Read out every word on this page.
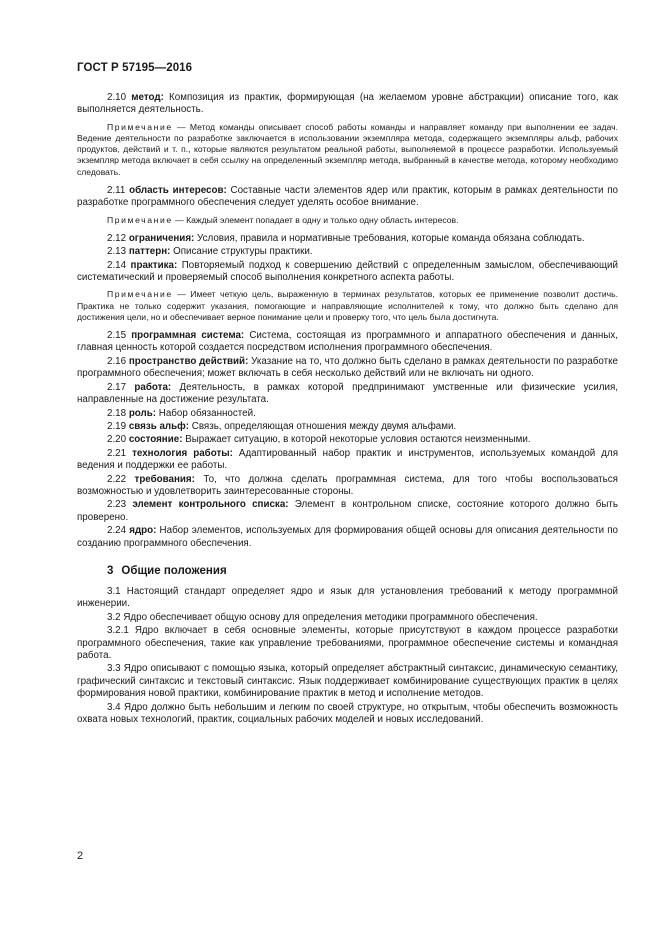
ГОСТ Р 57195—2016

2.10 метод: Композиция из практик, формирующая (на желаемом уровне абстракции) описание того, как выполняется деятельность.

Примечание — Метод команды описывает способ работы команды и направляет команду при выполнении ее задач. Ведение деятельности по разработке заключается в использовании экземпляра метода, содержащего экземпляры альф, рабочих продуктов, действий и т. п., которые являются результатом реальной работы, выполняемой в процессе разработки. Используемый экземпляр метода включает в себя ссылку на определенный экземпляр метода, выбранный в качестве метода, которому необходимо следовать.

2.11 область интересов: Составные части элементов ядер или практик, которым в рамках деятельности по разработке программного обеспечения следует уделять особое внимание.

Примечание — Каждый элемент попадает в одну и только одну область интересов.

2.12 ограничения: Условия, правила и нормативные требования, которые команда обязана соблюдать.

2.13 паттерн: Описание структуры практики.

2.14 практика: Повторяемый подход к совершению действий с определенным замыслом, обеспечивающий систематический и проверяемый способ выполнения конкретного аспекта работы.

Примечание — Имеет четкую цель, выраженную в терминах результатов, которых ее применение позволит достичь. Практика не только содержит указания, помогающие и направляющие исполнителей к тому, что должно быть сделано для достижения цели, но и обеспечивает верное понимание цели и проверку того, что цель была достигнута.

2.15 программная система: Система, состоящая из программного и аппаратного обеспечения и данных, главная ценность которой создается посредством исполнения программного обеспечения.

2.16 пространство действий: Указание на то, что должно быть сделано в рамках деятельности по разработке программного обеспечения; может включать в себя несколько действий или не включать ни одного.

2.17 работа: Деятельность, в рамках которой предпринимают умственные или физические усилия, направленные на достижение результата.

2.18 роль: Набор обязанностей.

2.19 связь альф: Связь, определяющая отношения между двумя альфами.

2.20 состояние: Выражает ситуацию, в которой некоторые условия остаются неизменными.

2.21 технология работы: Адаптированный набор практик и инструментов, используемых командой для ведения и поддержки ее работы.

2.22 требования: То, что должна сделать программная система, для того чтобы воспользоваться возможностью и удовлетворить заинтересованные стороны.

2.23 элемент контрольного списка: Элемент в контрольном списке, состояние которого должно быть проверено.

2.24 ядро: Набор элементов, используемых для формирования общей основы для описания деятельности по созданию программного обеспечения.

3 Общие положения

3.1 Настоящий стандарт определяет ядро и язык для установления требований к методу программной инженерии.

3.2 Ядро обеспечивает общую основу для определения методики программного обеспечения.

3.2.1 Ядро включает в себя основные элементы, которые присутствуют в каждом процессе разработки программного обеспечения, такие как управление требованиями, программное обеспечение системы и командная работа.

3.3 Ядро описывают с помощью языка, который определяет абстрактный синтаксис, динамическую семантику, графический синтаксис и текстовый синтаксис. Язык поддерживает комбинирование существующих практик в целях формирования новой практики, комбинирование практик в метод и исполнение методов.

3.4 Ядро должно быть небольшим и легким по своей структуре, но открытым, чтобы обеспечить возможность охвата новых технологий, практик, социальных рабочих моделей и новых исследований.

2
